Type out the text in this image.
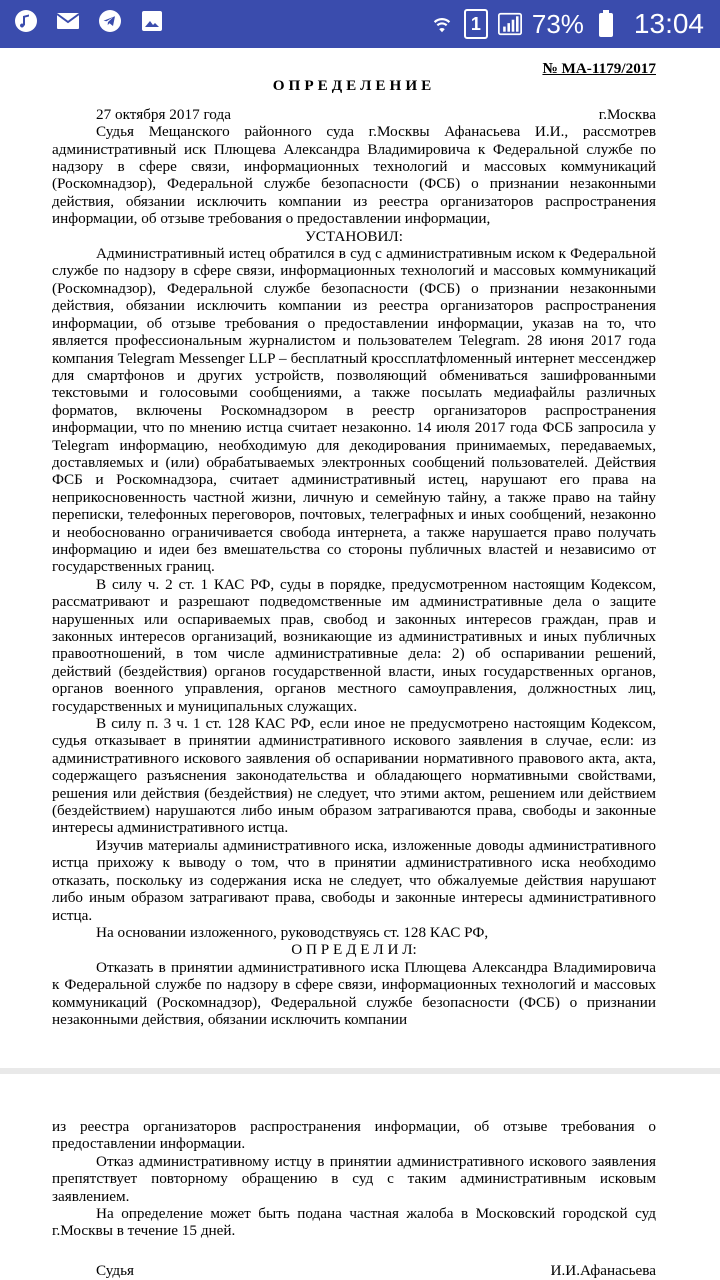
1 73% 13:04

№ МА-1179/2017

ОПРЕДЕЛЕНИЕ

27 октября 2017 года	г.Москва

Судья Мещанского районного суда г.Москвы Афанасьева И.И., рассмотрев административный иск Плющева Александра Владимировича к Федеральной службе по надзору в сфере связи, информационных технологий и массовых коммуникаций (Роскомнадзор), Федеральной службе безопасности (ФСБ) о признании незаконными действия, обязании исключить компании из реестра организаторов распространения информации, об отзыве требования о предоставлении информации,

УСТАНОВИЛ:

Административный истец обратился в суд с административным иском к Федеральной службе по надзору в сфере связи, информационных технологий и массовых коммуникаций (Роскомнадзор), Федеральной службе безопасности (ФСБ) о признании незаконными действия, обязании исключить компании из реестра организаторов распространения информации, об отзыве требования о предоставлении информации, указав на то, что является профессиональным журналистом и пользователем Telegram. 28 июня 2017 года компания Telegram Messenger LLP – бесплатный кроссплатфломенный интернет мессенджер для смартфонов и других устройств, позволяющий обмениваться зашифрованными текстовыми и голосовыми сообщениями, а также посылать медиафайлы различных форматов, включены Роскомнадзором в реестр организаторов распространения информации, что по мнению истца считает незаконно. 14 июля 2017 года ФСБ запросила у Telegram информацию, необходимую для декодирования принимаемых, передаваемых, доставляемых и (или) обрабатываемых электронных сообщений пользователей. Действия ФСБ и Роскомнадзора, считает административный истец, нарушают его права на неприкосновенность частной жизни, личную и семейную тайну, а также право на тайну переписки, телефонных переговоров, почтовых, телеграфных и иных сообщений, незаконно и необоснованно ограничивается свобода интернета, а также нарушается право получать информацию и идеи без вмешательства со стороны публичных властей и независимо от государственных границ.

В силу ч. 2 ст. 1 КАС РФ, суды в порядке, предусмотренном настоящим Кодексом, рассматривают и разрешают подведомственные им административные дела о защите нарушенных или оспариваемых прав, свобод и законных интересов граждан, прав и законных интересов организаций, возникающие из административных и иных публичных правоотношений, в том числе административные дела: 2) об оспаривании решений, действий (бездействия) органов государственной власти, иных государственных органов, органов военного управления, органов местного самоуправления, должностных лиц, государственных и муниципальных служащих.

В силу п. 3 ч. 1 ст. 128 КАС РФ, если иное не предусмотрено настоящим Кодексом, судья отказывает в принятии административного искового заявления в случае, если: из административного искового заявления об оспаривании нормативного правового акта, акта, содержащего разъяснения законодательства и обладающего нормативными свойствами, решения или действия (бездействия) не следует, что этими актом, решением или действием (бездействием) нарушаются либо иным образом затрагиваются права, свободы и законные интересы административного истца.

Изучив материалы административного иска, изложенные доводы административного истца прихожу к выводу о том, что в принятии административного иска необходимо отказать, поскольку из содержания иска не следует, что обжалуемые действия нарушают либо иным образом затрагивают права, свободы и законные интересы административного истца.

На основании изложенного, руководствуясь ст. 128 КАС РФ,

О П Р Е Д Е Л И Л:

Отказать в принятии административного иска Плющева Александра Владимировича к Федеральной службе по надзору в сфере связи, информационных технологий и массовых коммуникаций (Роскомнадзор), Федеральной службе безопасности (ФСБ) о признании незаконными действия, обязании исключить компании

из реестра организаторов распространения информации, об отзыве требования о предоставлении информации.

Отказ административному истцу в принятии административного искового заявления препятствует повторному обращению в суд с таким административным исковым заявлением.

На определение может быть подана частная жалоба в Московский городской суд г.Москвы в течение 15 дней.

Судья	И.И.Афанасьева
